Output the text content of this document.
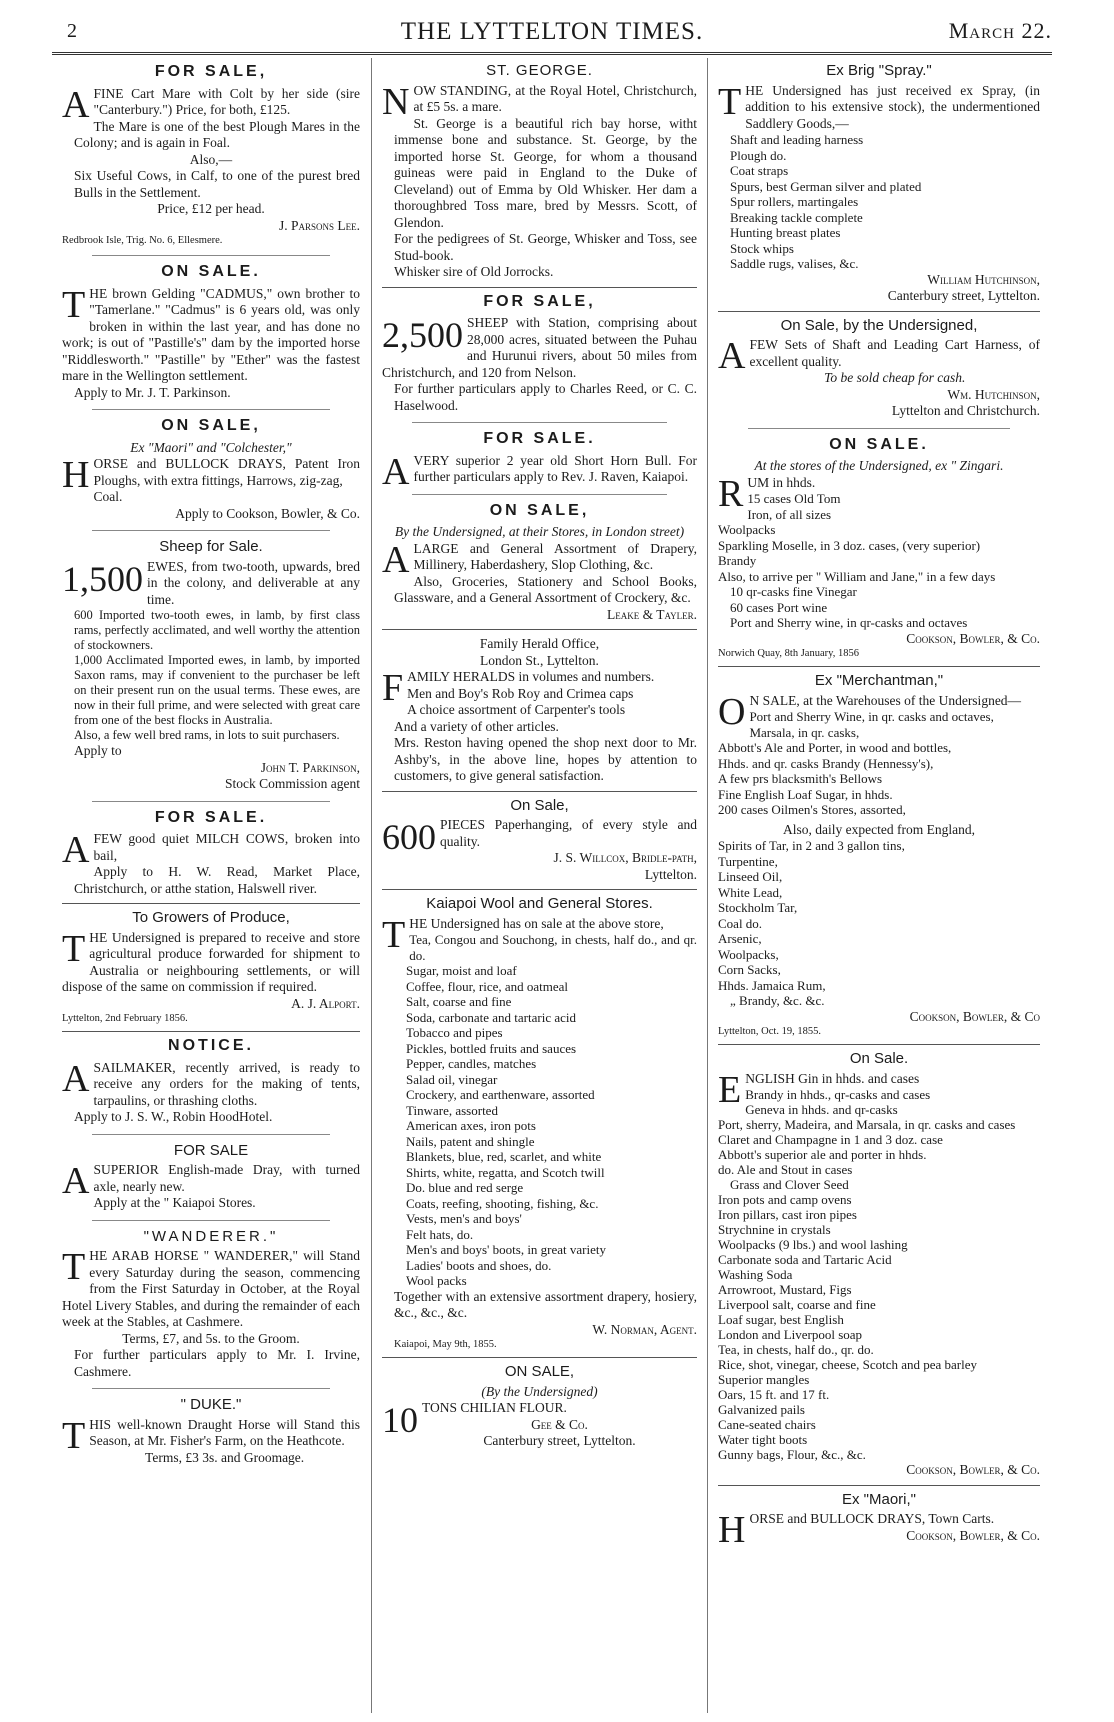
2	THE LYTTELTON TIMES.	March 22.
FOR SALE,

A FINE Cart Mare with Colt by her side (sire "Canterbury.") Price, for both, £125.

The Mare is one of the best Plough Mares in the Colony; and is again in Foal.

Also,—

Six Useful Cows, in Calf, to one of the purest bred Bulls in the Settlement.

Price, £12 per head.

J. Parsons Lee.

Redbrook Isle, Trig. No. 6, Ellesmere.

ON SALE.

THE brown Gelding "CADMUS," own brother to "Tamerlane." "Cadmus" is 6 years old, was only broken in within the last year, and has done no work; is out of "Pastille's" dam by the imported horse "Riddlesworth." "Pastille" by "Ether" was the fastest mare in the Wellington settlement.

Apply to Mr. J. T. Parkinson.

ON SALE,

Ex "Maori" and "Colchester,"

HORSE and BULLOCK DRAYS, Patent Iron Ploughs, with extra fittings, Harrows, zig-zag,

Coal.

Apply to Cookson, Bowler, & Co.

Sheep for Sale.

1,500 EWES, from two-tooth, upwards, bred in the colony, and deliverable at any time.

600 Imported two-tooth ewes, in lamb, by first class rams, perfectly acclimated, and well worthy the attention of stockowners.

1,000 Acclimated Imported ewes, in lamb, by imported Saxon rams, may if convenient to the purchaser be left on their present run on the usual terms. These ewes, are now in their full prime, and were selected with great care from one of the best flocks in Australia.

Also, a few well bred rams, in lots to suit purchasers.

Apply to

John T. Parkinson,

Stock Commission agent

FOR SALE.

A FEW good quiet MILCH COWS, broken into bail,

Apply to H. W. Read, Market Place, Christchurch, or atthe station, Halswell river.

To Growers of Produce,

THE Undersigned is prepared to receive and store agricultural produce forwarded for shipment to Australia or neighbouring settlements, or will dispose of the same on commission if required.

A. J. Alport.

Lyttelton, 2nd February 1856.

NOTICE.

A SAILMAKER, recently arrived, is ready to receive any orders for the making of tents, tarpaulins, or thrashing cloths.

Apply to J. S. W., Robin HoodHotel.

FOR SALE

A SUPERIOR English-made Dray, with turned axle, nearly new.

Apply at the " Kaiapoi Stores.

"WANDERER."

THE ARAB HORSE " WANDERER," will Stand every Saturday during the season, commencing from the First Saturday in October, at the Royal Hotel Livery Stables, and during the remainder of each week at the Stables, at Cashmere.

Terms, £7, and 5s. to the Groom.

For further particulars apply to Mr. I. Irvine, Cashmere.

" DUKE."

THIS well-known Draught Horse will Stand this Season, at Mr. Fisher's Farm, on the Heathcote.

Terms, £3 3s. and Groomage.

ST. GEORGE.

NOW STANDING, at the Royal Hotel, Christchurch, at £5 5s. a mare.

St. George is a beautiful rich bay horse, witht immense bone and substance. St. George, by the imported horse St. George, for whom a thousand guineas were paid in England to the Duke of Cleveland) out of Emma by Old Whisker. Her dam a thoroughbred Toss mare, bred by Messrs. Scott, of Glendon.

For the pedigrees of St. George, Whisker and Toss, see Stud-book.

Whisker sire of Old Jorrocks.

FOR SALE,

2,500 SHEEP with Station, comprising about 28,000 acres, situated between the Puhau and Hurunui rivers, about 50 miles from Christchurch, and 120 from Nelson.

For further particulars apply to Charles Reed, or C. C. Haselwood.

FOR SALE.

A VERY superior 2 year old Short Horn Bull. For further particulars apply to Rev. J. Raven, Kaiapoi.

ON SALE,

By the Undersigned, at their Stores, in London street)

A LARGE and General Assortment of Drapery, Millinery, Haberdashery, Slop Clothing, &c.

Also, Groceries, Stationery and School Books, Glassware, and a General Assortment of Crockery, &c.

Leake & Tayler.

Family Herald Office,

London St., Lyttelton.

FAMILY HERALDS in volumes and numbers.

Men and Boy's Rob Roy and Crimea caps

A choice assortment of Carpenter's tools

And a variety of other articles.

Mrs. Reston having opened the shop next door to Mr. Ashby's, in the above line, hopes by attention to customers, to give general satisfaction.

On Sale,

600 PIECES Paperhanging, of every style and quality.

J. S. Willcox, Bridle-path,

Lyttelton.

Kaiapoi Wool and General Stores.

THE Undersigned has on sale at the above store,

Tea, Congou and Souchong, in chests, half do., and qr. do.

Sugar, moist and loaf

Coffee, flour, rice, and oatmeal

Salt, coarse and fine

Soda, carbonate and tartaric acid

Tobacco and pipes

Pickles, bottled fruits and sauces

Pepper, candles, matches

Salad oil, vinegar

Crockery, and earthenware, assorted

Tinware, assorted

American axes, iron pots

Nails, patent and shingle

Blankets, blue, red, scarlet, and white

Shirts, white, regatta, and Scotch twill

Do. blue and red serge

Coats, reefing, shooting, fishing, &c.

Vests, men's and boys'

Felt hats, do.

Men's and boys' boots, in great variety

Ladies' boots and shoes, do.

Wool packs

Together with an extensive assortment drapery, hosiery, &c., &c., &c.

W. Norman, Agent.

Kaiapoi, May 9th, 1855.

ON SALE,

(By the Undersigned)

10 TONS CHILIAN FLOUR.

Gee & Co.

Canterbury street, Lyttelton.

Ex Brig "Spray."

THE Undersigned has just received ex Spray, (in addition to his extensive stock), the undermentioned Saddlery Goods,—

Shaft and leading harness

Plough do.

Coat straps

Spurs, best German silver and plated

Spur rollers, martingales

Breaking tackle complete

Hunting breast plates

Stock whips

Saddle rugs, valises, &c.

William Hutchinson,

Canterbury street, Lyttelton.

On Sale, by the Undersigned,

A FEW Sets of Shaft and Leading Cart Harness, of excellent quality.

To be sold cheap for cash.

Wm. Hutchinson,

Lyttelton and Christchurch.

ON SALE.

At the stores of the Undersigned, ex " Zingari.

RUM in hhds.

15 cases Old Tom

Iron, of all sizes

Woolpacks

Sparkling Moselle, in 3 doz. cases, (very superior)

Brandy

Also, to arrive per " William and Jane," in a few days

10 qr-casks fine Vinegar

60 cases Port wine

Port and Sherry wine, in qr-casks and octaves

Cookson, Bowler, & Co.

Norwich Quay, 8th January, 1856

Ex "Merchantman,"

O N SALE, at the Warehouses of the Undersigned—

Port and Sherry Wine, in qr. casks and octaves,

Marsala, in qr. casks,

Abbott's Ale and Porter, in wood and bottles,

Hhds. and qr. casks Brandy (Hennessy's),

A few prs blacksmith's Bellows

Fine English Loaf Sugar, in hhds.

200 cases Oilmen's Stores, assorted,

Also, daily expected from England,

Spirits of Tar, in 2 and 3 gallon tins,

Turpentine,

Linseed Oil,

White Lead,

Stockholm Tar,

Coal do.

Arsenic,

Woolpacks,

Corn Sacks,

Hhds. Jamaica Rum,

„ Brandy, &c. &c.

Cookson, Bowler, & Co

Lyttelton, Oct. 19, 1855.

On Sale.

ENGLISH Gin in hhds. and cases

Brandy in hhds., qr-casks and cases

Geneva in hhds. and qr-casks

Port, sherry, Madeira, and Marsala, in qr. casks and cases

Claret and Champagne in 1 and 3 doz. case

Abbott's superior ale and porter in hhds.

do. Ale and Stout in cases

Grass and Clover Seed

Iron pots and camp ovens

Iron pillars, cast iron pipes

Strychnine in crystals

Woolpacks (9 lbs.) and wool lashing

Carbonate soda and Tartaric Acid

Washing Soda

Arrowroot, Mustard, Figs

Liverpool salt, coarse and fine

Loaf sugar, best English

London and Liverpool soap

Tea, in chests, half do., qr. do.

Rice, shot, vinegar, cheese, Scotch and pea barley

Superior mangles

Oars, 15 ft. and 17 ft.

Galvanized pails

Cane-seated chairs

Water tight boots

Gunny bags, Flour, &c., &c.

Cookson, Bowler, & Co.

Ex "Maori,"

HORSE and BULLOCK DRAYS, Town Carts.

Cookson, Bowler, & Co.
